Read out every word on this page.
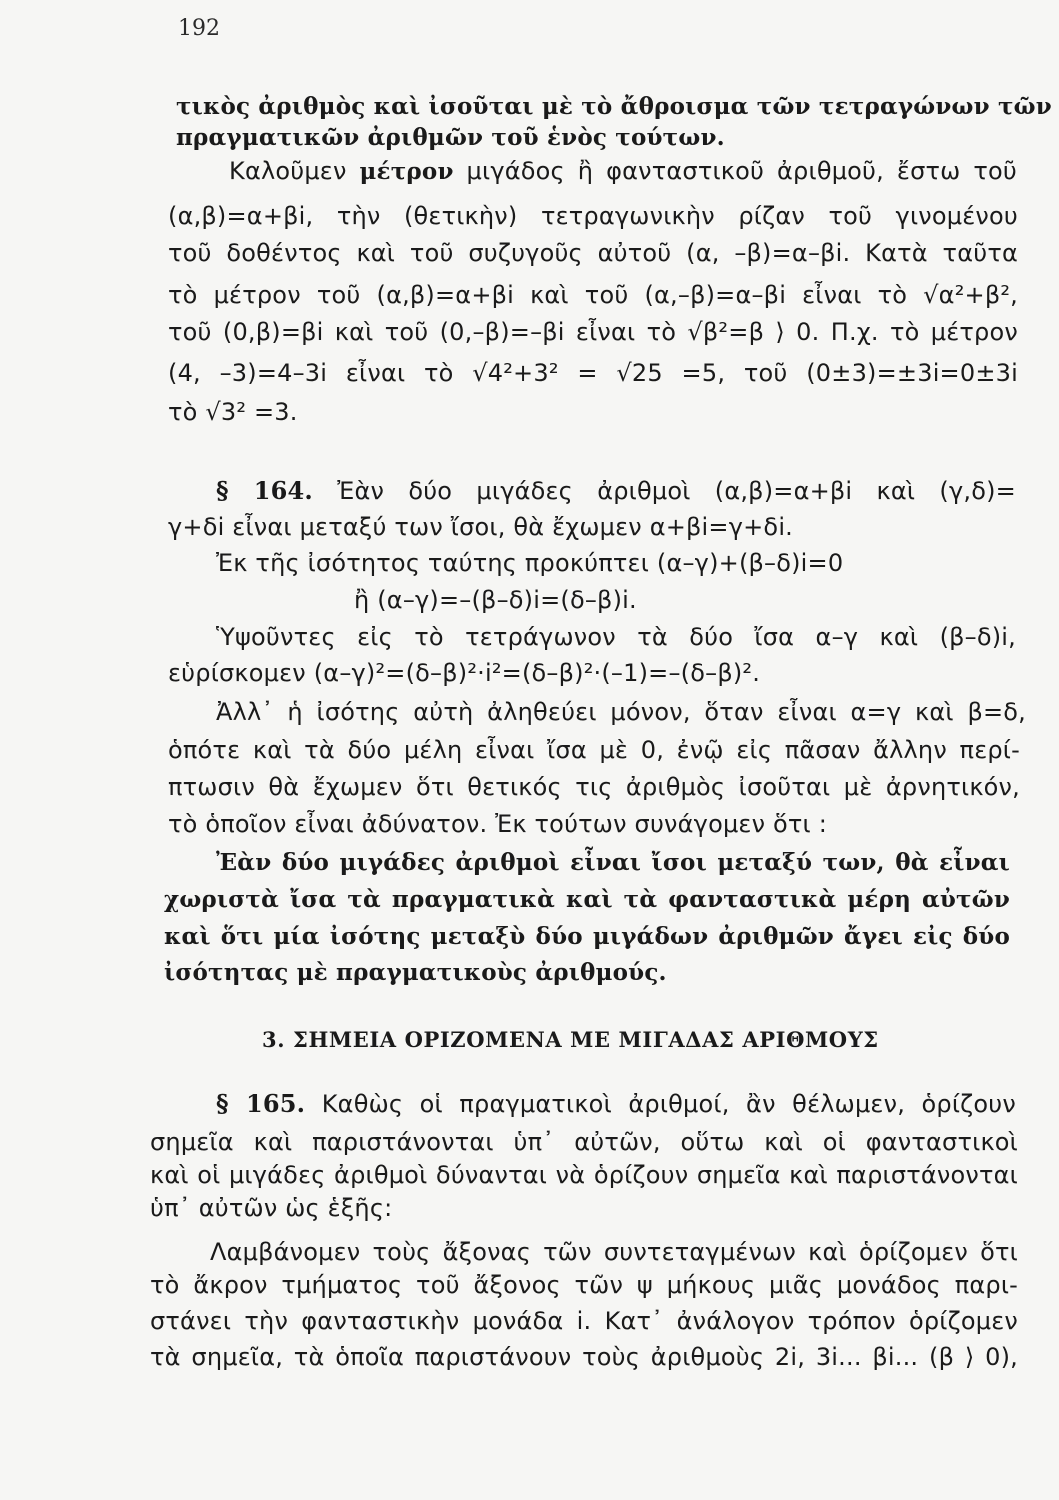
192
τικὸς ἀριθμὸς καὶ ἰσοῦται μὲ τὸ ἄθροισμα τῶν τετραγώνων τῶν
πραγματικῶν ἀριθμῶν τοῦ ἑνὸς τούτων.
Καλοῦμεν μέτρον μιγάδος ἢ φανταστικοῦ ἀριθμοῦ, ἔστω τοῦ
(α,β)=α+βi, τὴν (θετικὴν) τετραγωνικὴν ρίζαν τοῦ γινομένου
τοῦ δοθέντος καὶ τοῦ συζυγοῦς αὐτοῦ (α, –β)=α–βi. Κατὰ ταῦτα
τὸ μέτρον τοῦ (α,β)=α+βi καὶ τοῦ (α,–β)=α–βi εἶναι τὸ √α²+β²,
τοῦ (0,β)=βi καὶ τοῦ (0,–β)=–βi εἶναι τὸ √β²=β ⟩ 0. Π.χ. τὸ μέτρον
(4, –3)=4–3i εἶναι τὸ √4²+3² = √25 =5, τοῦ (0±3)=±3i=0±3i
τὸ √3² =3.
§ 164. Ἐὰν δύο μιγάδες ἀριθμοὶ (α,β)=α+βi καὶ (γ,δ)=
γ+δi εἶναι μεταξύ των ἴσοι, θὰ ἔχωμεν α+βi=γ+δi.
Ἐκ τῆς ἰσότητος ταύτης προκύπτει (α–γ)+(β–δ)i=0
ἢ (α–γ)=–(β–δ)i=(δ–β)i.
Ὑψοῦντες εἰς τὸ τετράγωνον τὰ δύο ἴσα α–γ καὶ (β–δ)i,
εὑρίσκομεν (α–γ)²=(δ–β)²·i²=(δ–β)²·(–1)=–(δ–β)².
Ἀλλ᾽ ἡ ἰσότης αὐτὴ ἀληθεύει μόνον, ὅταν εἶναι α=γ καὶ β=δ,
ὁπότε καὶ τὰ δύο μέλη εἶναι ἴσα μὲ 0, ἐνῷ εἰς πᾶσαν ἄλλην περί-
πτωσιν θὰ ἔχωμεν ὅτι θετικός τις ἀριθμὸς ἰσοῦται μὲ ἀρνητικόν,
τὸ ὁποῖον εἶναι ἀδύνατον. Ἐκ τούτων συνάγομεν ὅτι :
Ἐὰν δύο μιγάδες ἀριθμοὶ εἶναι ἴσοι μεταξύ των, θὰ εἶναι
χωριστὰ ἴσα τὰ πραγματικὰ καὶ τὰ φανταστικὰ μέρη αὐτῶν
καὶ ὅτι μία ἰσότης μεταξὺ δύο μιγάδων ἀριθμῶν ἄγει εἰς δύο
ἰσότητας μὲ πραγματικοὺς ἀριθμούς.
3. ΣΗΜΕΙΑ ΟΡΙΖΟΜΕΝΑ ΜΕ ΜΙΓΑΔΑΣ ΑΡΙΘΜΟΥΣ
§ 165. Καθὼς οἱ πραγματικοὶ ἀριθμοί, ἂν θέλωμεν, ὁρίζουν
σημεῖα καὶ παριστάνονται ὑπ᾽ αὐτῶν, οὕτω καὶ οἱ φανταστικοὶ
καὶ οἱ μιγάδες ἀριθμοὶ δύνανται νὰ ὁρίζουν σημεῖα καὶ παριστάνονται
ὑπ᾽ αὐτῶν ὡς ἑξῆς:
Λαμβάνομεν τοὺς ἄξονας τῶν συντεταγμένων καὶ ὁρίζομεν ὅτι
τὸ ἄκρον τμήματος τοῦ ἄξονος τῶν ψ μήκους μιᾶς μονάδος παρι-
στάνει τὴν φανταστικὴν μονάδα i. Κατ᾽ ἀνάλογον τρόπον ὁρίζομεν
τὰ σημεῖα, τὰ ὁποῖα παριστάνουν τοὺς ἀριθμοὺς 2i, 3i... βi... (β ⟩ 0),
